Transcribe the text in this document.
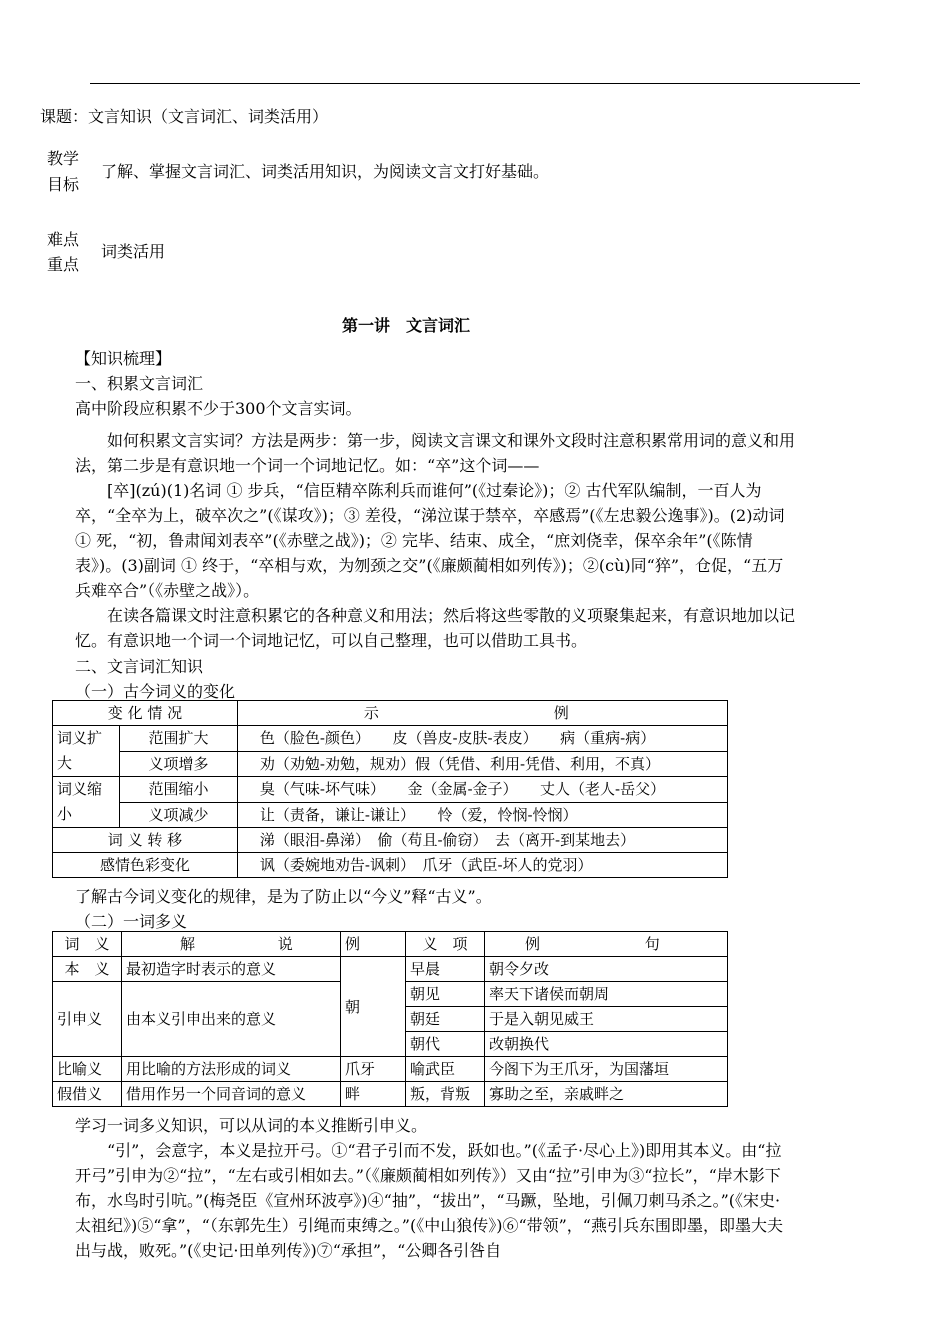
课题：文言知识（文言词汇、词类活用）
教学
目标
了解、掌握文言词汇、词类活用知识，为阅读文言文打好基础。
难点
重点
词类活用
第一讲　文言词汇
【知识梳理】
一、积累文言词汇
高中阶段应积累不少于300个文言实词。
如何积累文言实词？方法是两步：第一步，阅读文言课文和课外文段时注意积累常用词的意义和用法，第二步是有意识地一个词一个词地记忆。如：“卒”这个词——
[卒](zú)(1)名词 ① 步兵，“信臣精卒陈利兵而谁何”(《过秦论》)；② 古代军队编制，一百人为卒，“全卒为上，破卒次之”(《谋攻》)；③ 差役，“涕泣谋于禁卒，卒感焉”(《左忠毅公逸事》)。(2)动词 ① 死，“初，鲁肃闻刘表卒”(《赤壁之战》)；② 完毕、结束、成全，“庶刘侥幸，保卒余年”(《陈情表》)。(3)副词 ① 终于，“卒相与欢，为刎颈之交”(《廉颇蔺相如列传》)；②(cù)同“猝”，仓促，“五万兵难卒合”（《赤壁之战》）。
在读各篇课文时注意积累它的各种意义和用法；然后将这些零散的义项聚集起来，有意识地加以记忆。有意识地一个词一个词地记忆，可以自己整理，也可以借助工具书。
二、文言词汇知识
（一）古今词义的变化
变 化 情 况		示 例
词义扩
大	范围扩大	色（脸色-颜色）　　皮（兽皮-皮肤-表皮）　　病（重病-病）
	义项增多	劝（劝勉-劝勉，规劝）假（凭借、利用-凭借、利用，不真）
词义缩
小	范围缩小	臭（气味-坏气味）　　金（金属-金子）　　丈人（老人-岳父）
	义项减少	让（责备，谦让-谦让）　　怜（爱，怜悯-怜悯）
词 义 转 移		涕（眼泪-鼻涕）　偷（苟且-偷窃）　去（离开-到某地去）
感情色彩变化		讽（委婉地劝告-讽刺）　爪牙（武臣-坏人的党羽）
了解古今词义变化的规律，是为了防止以“今义”释“古义”。
（二）一词多义
词　义	解 说	例	义　项	例 句
本　义	最初造字时表示的意义	朝	早晨	朝令夕改
引申义	由本义引申出来的意义		朝见	率天下诸侯而朝周
			朝廷	于是入朝见威王
			朝代	改朝换代
比喻义	用比喻的方法形成的词义	爪牙	喻武臣	今阁下为王爪牙，为国藩垣
假借义	借用作另一个同音词的意义	畔	叛，背叛	寡助之至，亲戚畔之
学习一词多义知识，可以从词的本义推断引申义。
“引”，会意字，本义是拉开弓。①“君子引而不发，跃如也。”(《孟子·尽心上》)即用其本义。由“拉开弓”引申为②“拉”，“左右或引相如去。”（《廉颇蔺相如列传》）又由“拉”引申为③“拉长”，“岸木影下布，水鸟时引吭。”(梅尧臣《宣州环波亭》)④“抽”，“拔出”，“马蹶，坠地，引佩刀刺马杀之。”(《宋史·太祖纪》)⑤“拿”，“（东郭先生）引绳而束缚之。”(《中山狼传》)⑥“带领”，“燕引兵东围即墨，即墨大夫出与战，败死。”(《史记·田单列传》)⑦“承担”，“公卿各引咎自
